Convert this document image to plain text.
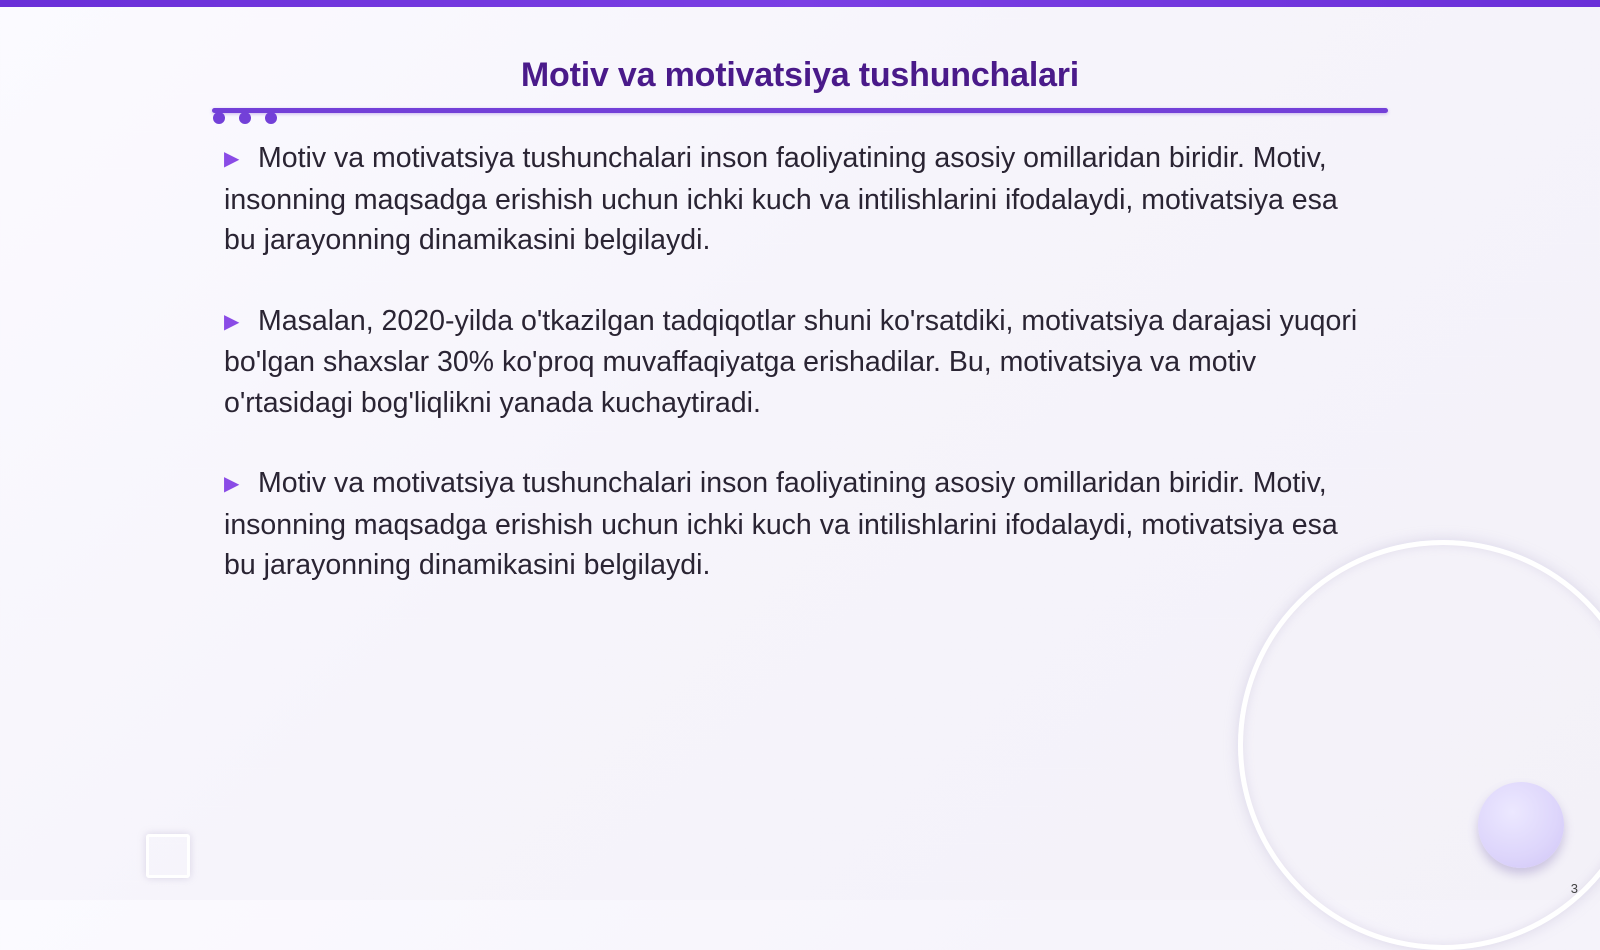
Motiv va motivatsiya tushunchalari
▶ Motiv va motivatsiya tushunchalari inson faoliyatining asosiy omillaridan biridir. Motiv, insonning maqsadga erishish uchun ichki kuch va intilishlarini ifodalaydi, motivatsiya esa bu jarayonning dinamikasini belgilaydi.
▶ Masalan, 2020-yilda o'tkazilgan tadqiqotlar shuni ko'rsatdiki, motivatsiya darajasi yuqori bo'lgan shaxslar 30% ko'proq muvaffaqiyatga erishadilar. Bu, motivatsiya va motiv o'rtasidagi bog'liqlikni yanada kuchaytiradi.
▶ Motiv va motivatsiya tushunchalari inson faoliyatining asosiy omillaridan biridir. Motiv, insonning maqsadga erishish uchun ichki kuch va intilishlarini ifodalaydi, motivatsiya esa bu jarayonning dinamikasini belgilaydi.
3
